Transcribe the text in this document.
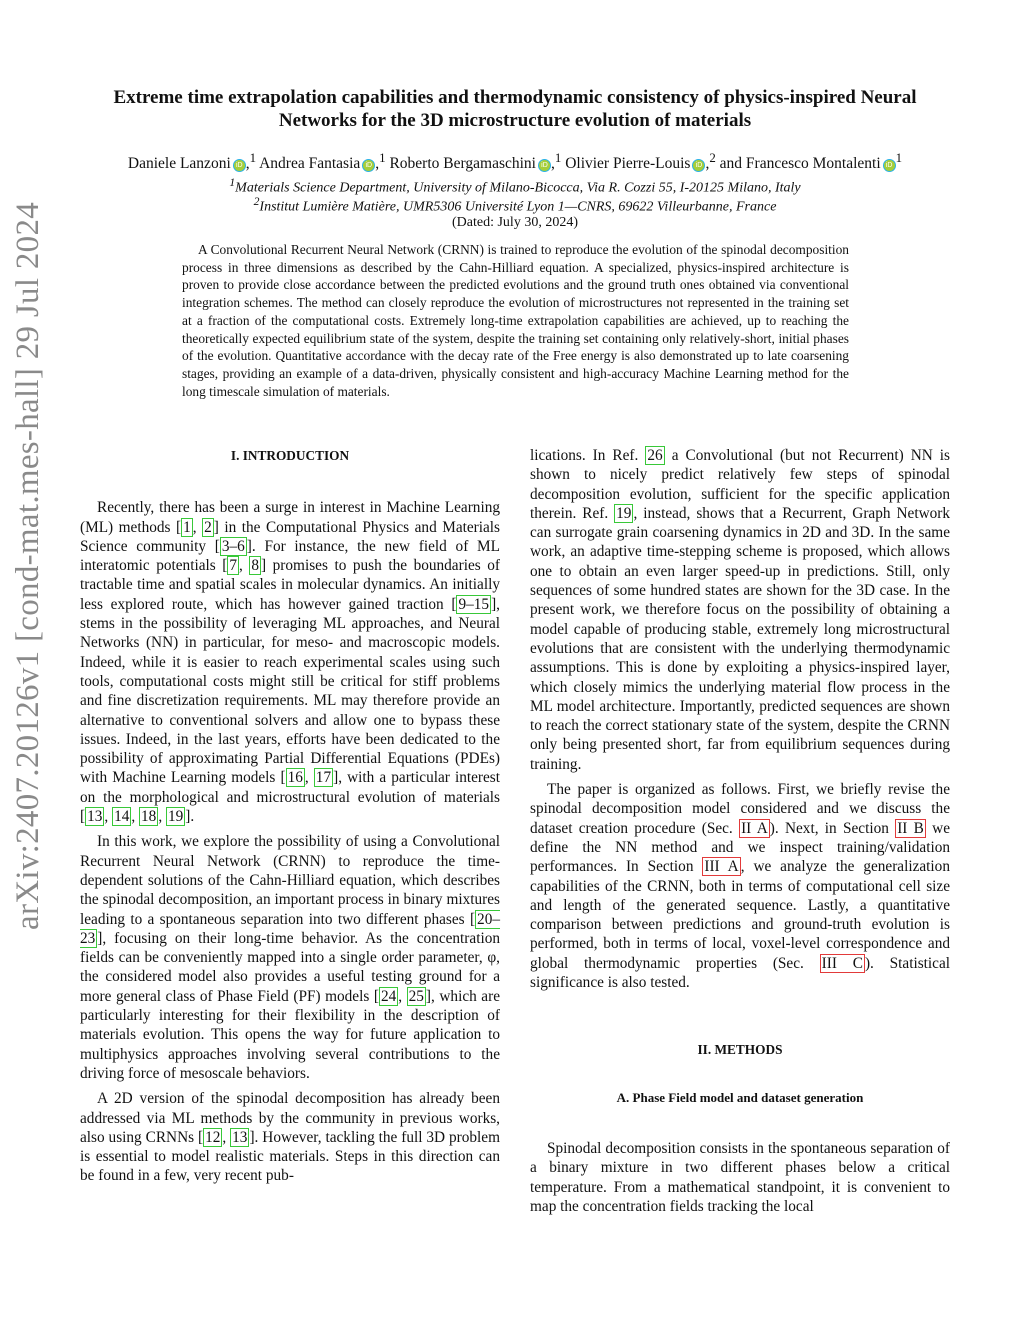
arXiv:2407.20126v1 [cond-mat.mes-hall] 29 Jul 2024
Extreme time extrapolation capabilities and thermodynamic consistency of physics-inspired Neural Networks for the 3D microstructure evolution of materials
Daniele Lanzoni iD ,$^1$ Andrea Fantasia iD ,$^1$ Roberto Bergamaschini iD ,$^1$ Olivier Pierre-Louis iD ,$^2$ and Francesco Montalenti $iD^1$
$^1$Materials Science Department, University of Milano-Bicocca, Via R. Cozzi 55, I-20125 Milano, Italy
$^2$Institut Lumière Matière, UMR5306 Université Lyon 1—CNRS, 69622 Villeurbanne, France
(Dated: July 30, 2024)
A Convolutional Recurrent Neural Network (CRNN) is trained to reproduce the evolution of the spinodal decomposition process in three dimensions as described by the Cahn-Hilliard equation. A specialized, physics-inspired architecture is proven to provide close accordance between the predicted evolutions and the ground truth ones obtained via conventional integration schemes. The method can closely reproduce the evolution of microstructures not represented in the training set at a fraction of the computational costs. Extremely long-time extrapolation capabilities are achieved, up to reaching the theoretically expected equilibrium state of the system, despite the training set containing only relatively-short, initial phases of the evolution. Quantitative accordance with the decay rate of the Free energy is also demonstrated up to late coarsening stages, providing an example of a data-driven, physically consistent and high-accuracy Machine Learning method for the long timescale simulation of materials.

I. INTRODUCTION

Recently, there has been a surge in interest in Machine Learning (ML) methods [ 1 , 2 ] in the Computational Physics and Materials Science community [ 3–6 ]. For instance, the new field of ML interatomic potentials [ 7 , 8 ] promises to push the boundaries of tractable time and spatial scales in molecular dynamics. An initially less explored route, which has however gained traction [ 9–15 ], stems in the possibility of leveraging ML approaches, and Neural Networks (NN) in particular, for meso- and macroscopic models. Indeed, while it is easier to reach experimental scales using such tools, computational costs might still be critical for stiff problems and fine discretization requirements. ML may therefore provide an alternative to conventional solvers and allow one to bypass these issues. Indeed, in the last years, efforts have been dedicated to the possibility of approximating Partial Differential Equations (PDEs) with Machine Learning models [ 16 , 17 ], with a particular interest on the morphological and microstructural evolution of materials [ 13 , 14 , 18 , 19 ].

In this work, we explore the possibility of using a Convolutional Recurrent Neural Network (CRNN) to reproduce the time-dependent solutions of the Cahn-Hilliard equation, which describes the spinodal decomposition, an important process in binary mixtures leading to a spontaneous separation into two different phases [ 20–23 ], focusing on their long-time behavior. As the concentration fields can be conveniently mapped into a single order parameter, φ, the considered model also provides a useful testing ground for a more general class of Phase Field (PF) models [ 24 , 25 ], which are particularly interesting for their flexibility in the description of materials evolution. This opens the way for future application to multiphysics approaches involving several contributions to the driving force of mesoscale behaviors.

A 2D version of the spinodal decomposition has already been addressed via ML methods by the community in previous works, also using CRNNs [ 12 , 13 ]. However, tackling the full 3D problem is essential to model realistic materials. Steps in this direction can be found in a few, very recent pub-

lications. In Ref. 26 a Convolutional (but not Recurrent) NN is shown to nicely predict relatively few steps of spinodal decomposition evolution, sufficient for the specific application therein. Ref. 19 , instead, shows that a Recurrent, Graph Network can surrogate grain coarsening dynamics in 2D and 3D. In the same work, an adaptive time-stepping scheme is proposed, which allows one to obtain an even larger speed-up in predictions. Still, only sequences of some hundred states are shown for the 3D case. In the present work, we therefore focus on the possibility of obtaining a model capable of producing stable, extremely long microstructural evolutions that are consistent with the underlying thermodynamic assumptions. This is done by exploiting a physics-inspired layer, which closely mimics the underlying material flow process in the ML model architecture. Importantly, predicted sequences are shown to reach the correct stationary state of the system, despite the CRNN only being presented short, far from equilibrium sequences during training.

The paper is organized as follows. First, we briefly revise the spinodal decomposition model considered and we discuss the dataset creation procedure (Sec. II A ). Next, in Section II B we define the NN method and we inspect training/validation performances. In Section III A , we analyze the generalization capabilities of the CRNN, both in terms of computational cell size and length of the generated sequence. Lastly, a quantitative comparison between predictions and ground-truth evolution is performed, both in terms of local, voxel-level correspondence and global thermodynamic properties (Sec. III C ). Statistical significance is also tested.

II. METHODS

A. Phase Field model and dataset generation

Spinodal decomposition consists in the spontaneous separation of a binary mixture in two different phases below a critical temperature. From a mathematical standpoint, it is convenient to map the concentration fields tracking the local
